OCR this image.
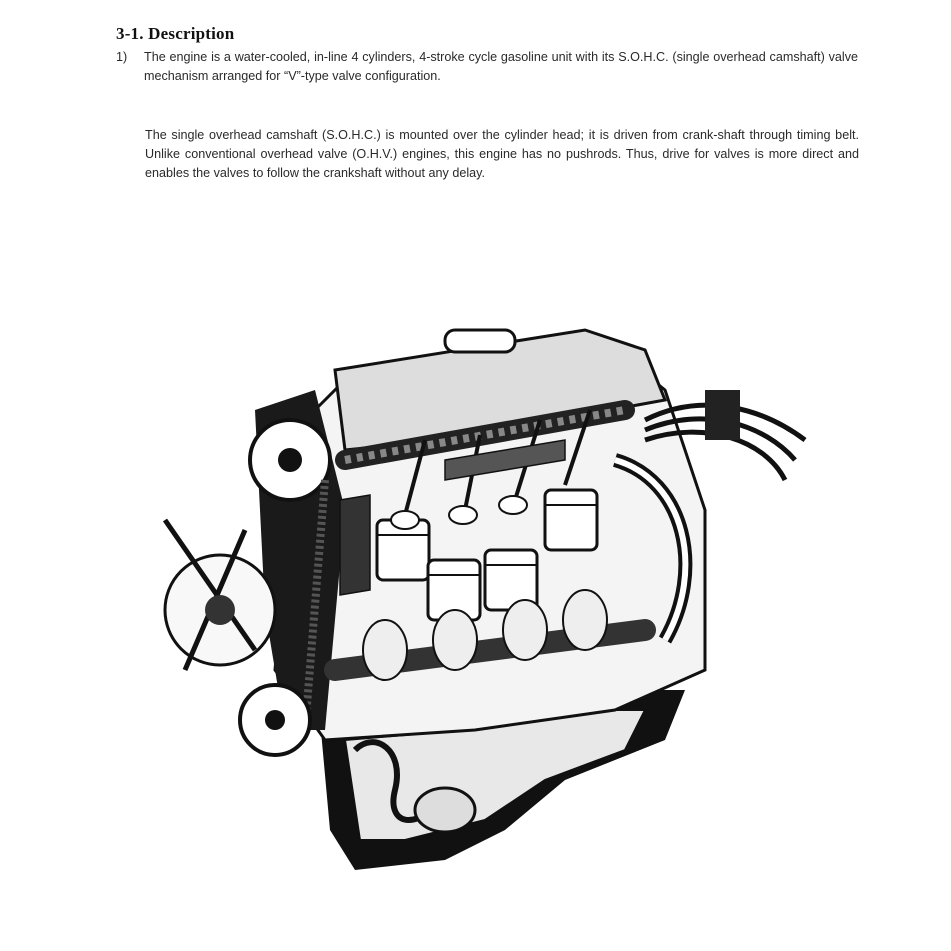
3-1. Description
1) The engine is a water-cooled, in-line 4 cylinders, 4-stroke cycle gasoline unit with its S.O.H.C. (single overhead camshaft) valve mechanism arranged for “V”-type valve configuration.
The single overhead camshaft (S.O.H.C.) is mounted over the cylinder head; it is driven from crank-shaft through timing belt. Unlike conventional overhead valve (O.H.V.) engines, this engine has no pushrods. Thus, drive for valves is more direct and enables the valves to follow the crankshaft without any delay.
